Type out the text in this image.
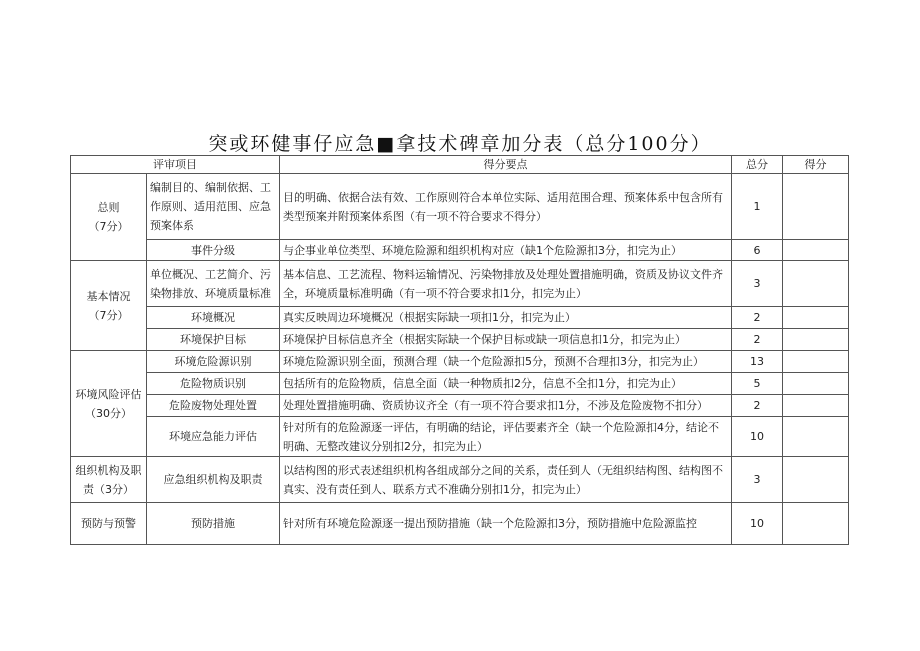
突或环健事仔应急■拿技术碑章加分表（总分100分）
评审项目		得分要点	总分	得分

总则
（7分）	编制目的、编制依据、工作原则、适用范围、应急预案体系	目的明确、依据合法有效、工作原则符合本单位实际、适用范围合理、预案体系中包含所有类型预案并附预案体系图（有一项不符合要求不得分）	1	
	事件分级	与企事业单位类型、环境危险源和组织机构对应（缺1个危险源扣3分，扣完为止）	6	

基本情况
（7分）	单位概况、工艺简介、污染物排放、环境质量标准	基本信息、工艺流程、物料运输情况、污染物排放及处理处置措施明确，资质及协议文件齐全，环境质量标准明确（有一项不符合要求扣1分，扣完为止）	3	
	环境概况	真实反映周边环境概况（根据实际缺一项扣1分，扣完为止）	2	
	环境保护目标	环境保护目标信息齐全（根据实际缺一个保护目标或缺一项信息扣1分，扣完为止）	2	

环境风险评估
（30分）	环境危险源识别	环境危险源识别全面，预测合理（缺一个危险源扣5分，预测不合理扣3分，扣完为止）	13	
	危险物质识别	包括所有的危险物质，信息全面（缺一种物质扣2分，信息不全扣1分，扣完为止）	5	
	危险废物处理处置	处理处置措施明确、资质协议齐全（有一项不符合要求扣1分，不涉及危险废物不扣分）	2	
	环境应急能力评估	针对所有的危险源逐一评估，有明确的结论，评估要素齐全（缺一个危险源扣4分，结论不明确、无整改建议分别扣2分，扣完为止）	10	
组织机构及职责（3分）	应急组织机构及职责	以结构图的形式表述组织机构各组成部分之间的关系，责任到人（无组织结构图、结构图不真实、没有责任到人、联系方式不准确分别扣1分，扣完为止）	3	
预防与预警	预防措施	针对所有环境危险源逐一提出预防措施（缺一个危险源扣3分，预防措施中危险源监控	10	
